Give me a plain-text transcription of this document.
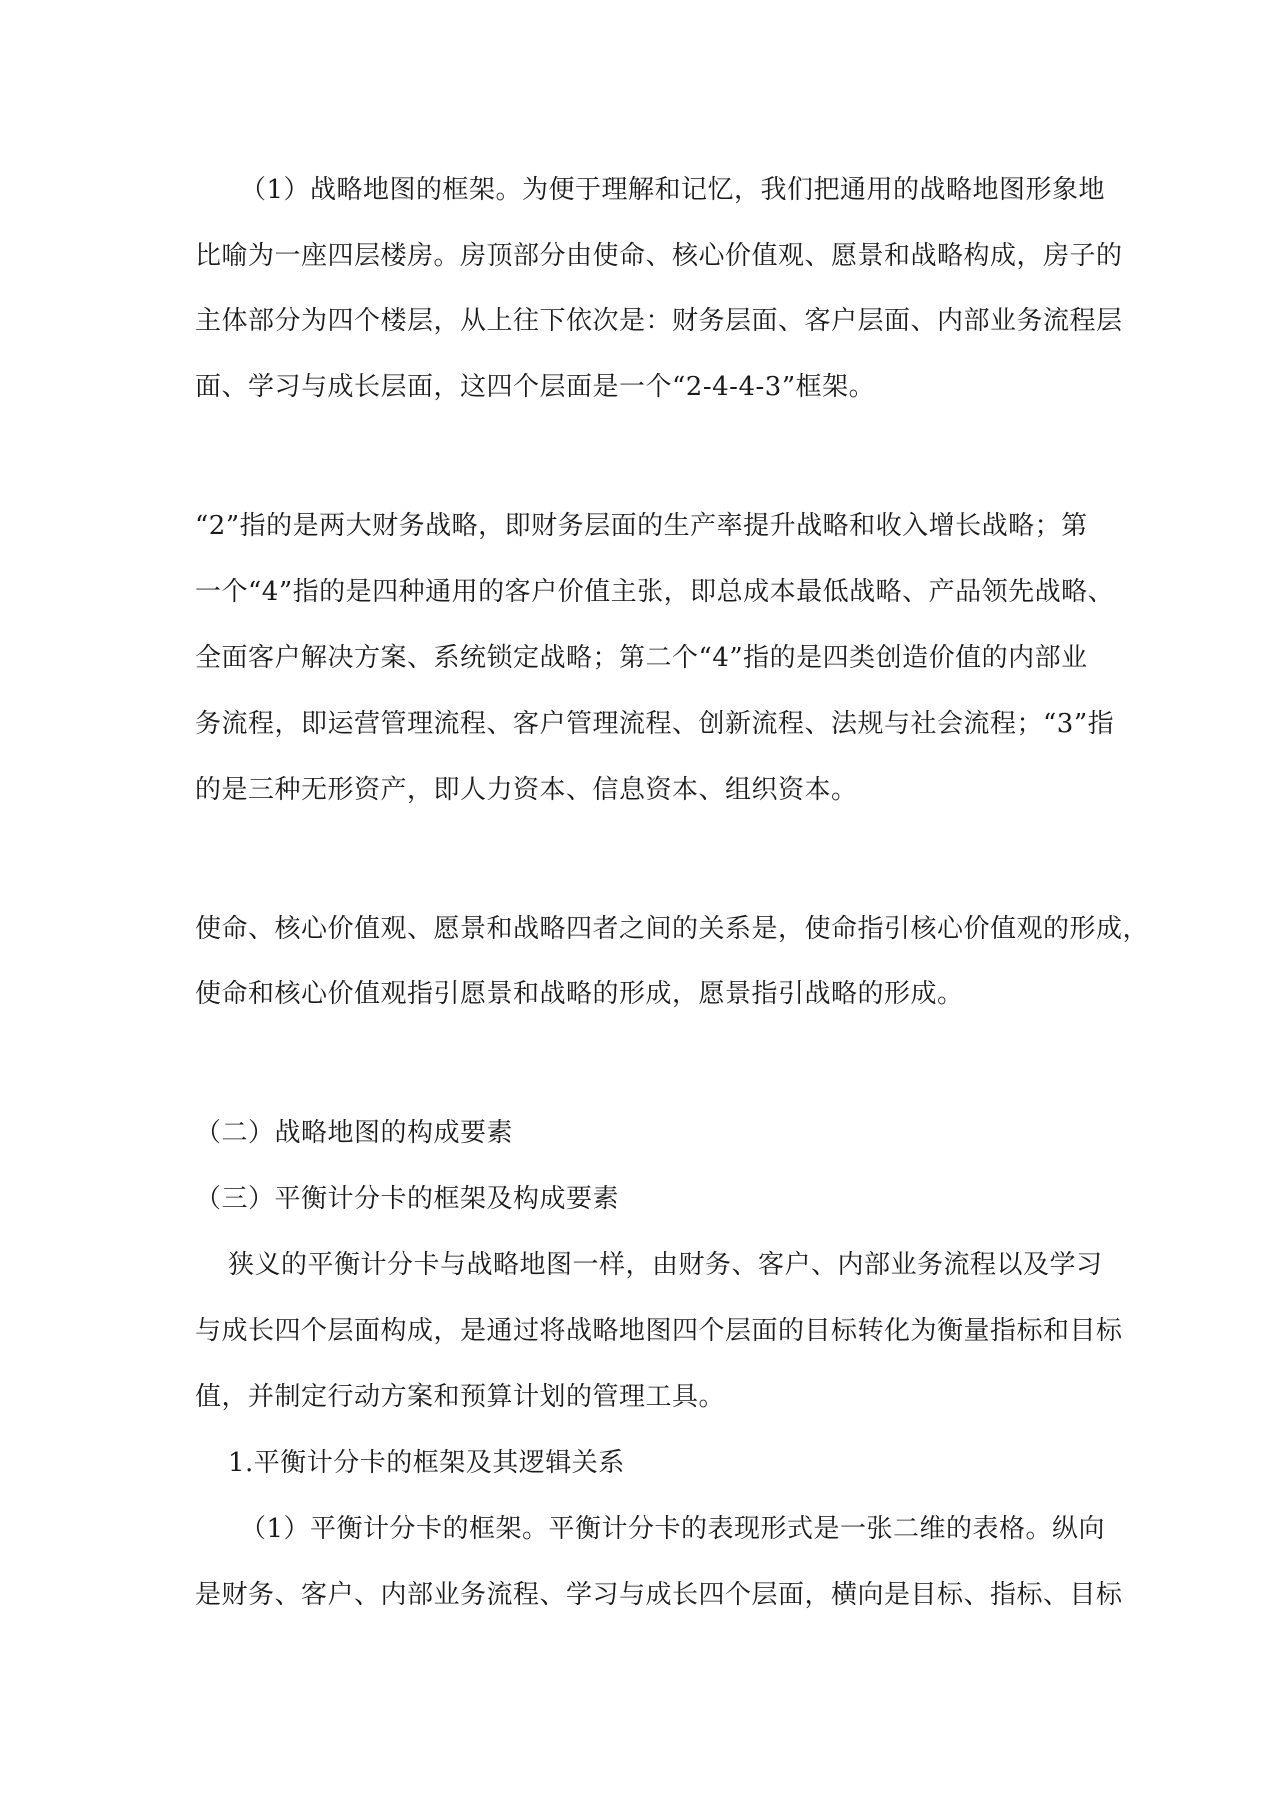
（1）战略地图的框架。为便于理解和记忆，我们把通用的战略地图形象地
比喻为一座四层楼房。房顶部分由使命、核心价值观、愿景和战略构成，房子的
主体部分为四个楼层，从上往下依次是：财务层面、客户层面、内部业务流程层
面、学习与成长层面，这四个层面是一个“2-4-4-3”框架。
“2”指的是两大财务战略，即财务层面的生产率提升战略和收入增长战略；第
一个“4”指的是四种通用的客户价值主张，即总成本最低战略、产品领先战略、
全面客户解决方案、系统锁定战略；第二个“4”指的是四类创造价值的内部业
务流程，即运营管理流程、客户管理流程、创新流程、法规与社会流程；“3”指
的是三种无形资产，即人力资本、信息资本、组织资本。
使命、核心价值观、愿景和战略四者之间的关系是，使命指引核心价值观的形成，
使命和核心价值观指引愿景和战略的形成，愿景指引战略的形成。
（二）战略地图的构成要素
（三）平衡计分卡的框架及构成要素
狭义的平衡计分卡与战略地图一样，由财务、客户、内部业务流程以及学习
与成长四个层面构成，是通过将战略地图四个层面的目标转化为衡量指标和目标
值，并制定行动方案和预算计划的管理工具。
1.平衡计分卡的框架及其逻辑关系
（1）平衡计分卡的框架。平衡计分卡的表现形式是一张二维的表格。纵向
是财务、客户、内部业务流程、学习与成长四个层面，横向是目标、指标、目标
